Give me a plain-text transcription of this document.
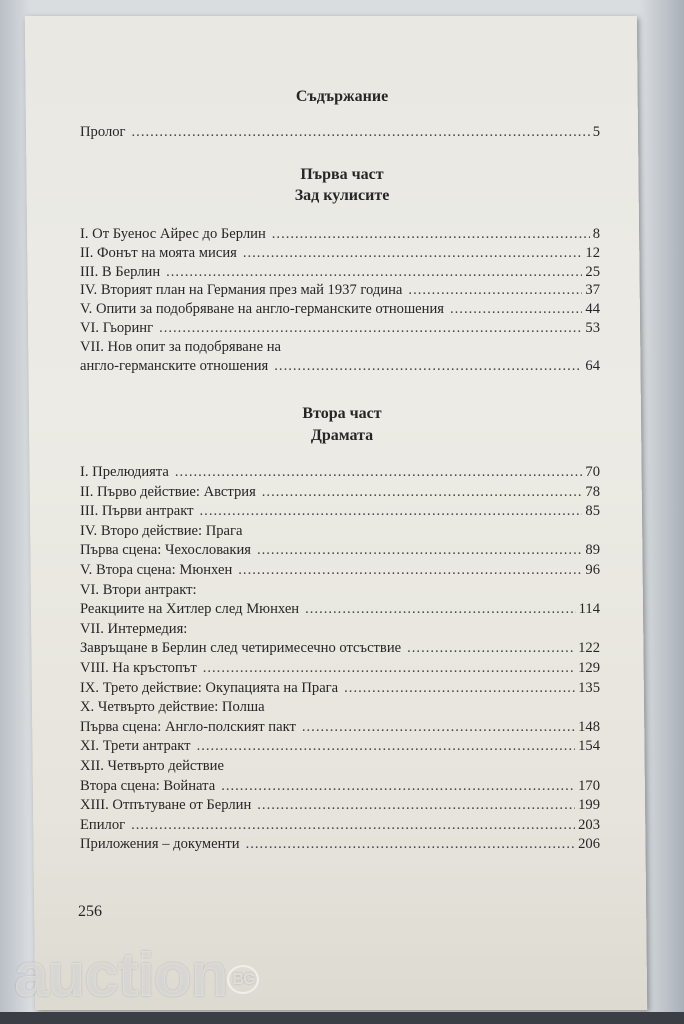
Съдържание
Пролог .....	5
Първа част
Зад кулисите
I. От Буенос Айрес до Берлин .....	8
II. Фонът на моята мисия .....	12
III. В Берлин .....	25
IV. Вторият план на Германия през май 1937 година .....	37
V. Опити за подобряване на англо-германските отношения .....	44
VI. Гьоринг .....	53
VII. Нов опит за подобряване на
англо-германските отношения .....	64
Втора част
Драмата
I. Прелюдията .....	70
II. Първо действие: Австрия .....	78
III. Първи антракт .....	85
IV. Второ действие: Прага
Първа сцена: Чехословакия .....	89
V. Втора сцена: Мюнхен .....	96
VI. Втори антракт:
Реакциите на Хитлер след Мюнхен .....	114
VII. Интермедия:
Завръщане в Берлин след четиримесечно отсъствие .....	122
VIII. На кръстопът .....	129
IX. Трето действие: Окупацията на Прага .....	135
X. Четвърто действие: Полша
Първа сцена: Англо-полският пакт .....	148
XI. Трети антракт .....	154
XII. Четвърто действие
Втора сцена: Войната .....	170
XIII. Отпътуване от Берлин .....	199
Епилог .....	203
Приложения – документи .....	206
256
auction BG
